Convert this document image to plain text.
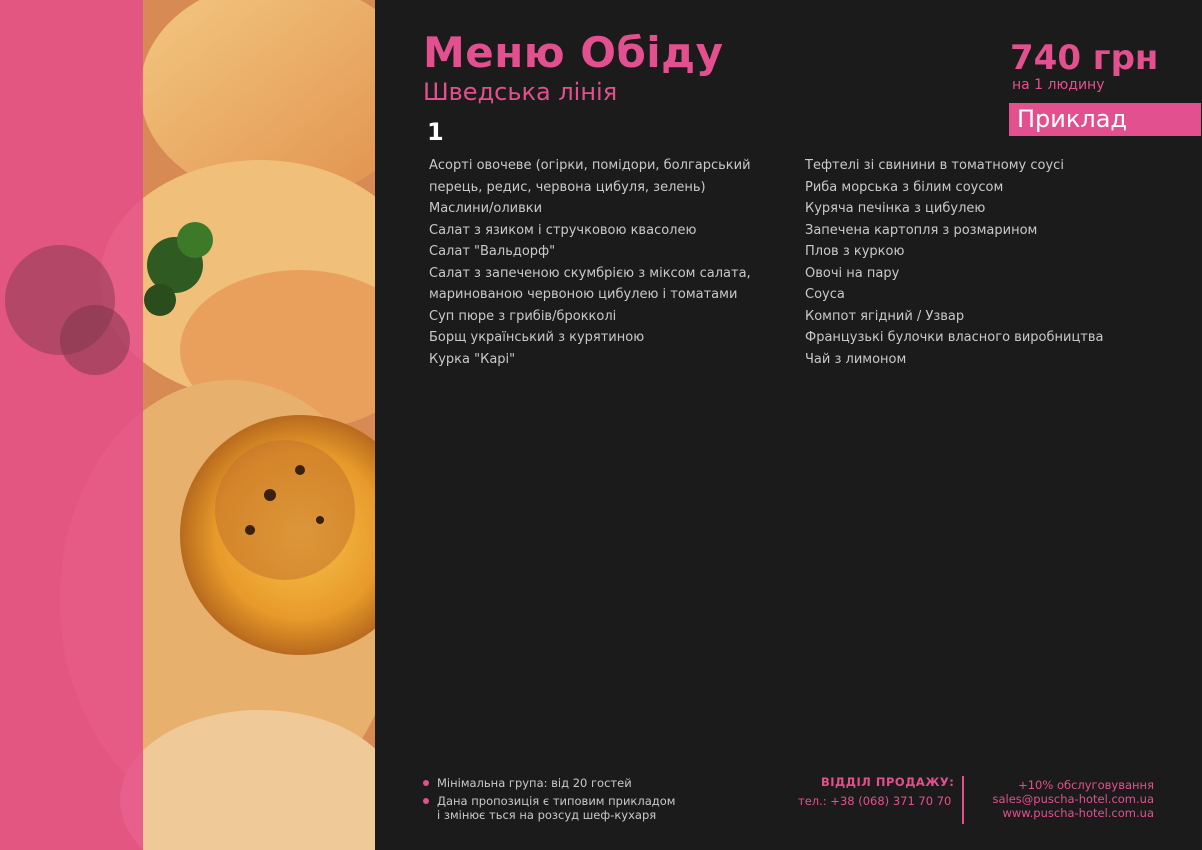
Меню Обіду
Шведська лінія
1
740 грн
на 1 людину
Приклад
Асорті овочеве (огірки, помідори, болгарський
перець, редис, червона цибуля, зелень)
Маслини/оливки
Салат з язиком і стручковою квасолею
Салат "Вальдорф"
Салат з запеченою скумбрією з міксом салата,
маринованою червоною цибулею і томатами
Суп пюре з грибів/брокколі
Борщ український з курятиною
Курка "Карі"
Тефтелі зі свинини в томатному соусі
Риба морська з білим соусом
Куряча печінка з цибулею
Запечена картопля з розмарином
Плов з куркою
Овочі на пару
Соуса
Компот ягідний / Узвар
Французькі булочки власного виробництва
Чай з лимоном
Мінімальна група: від 20 гостей
Дана пропозиція є типовим прикладом
і змінює ться на розсуд шеф-кухаря
ВІДДІЛ ПРОДАЖУ:
тел.: +38 (068) 371 70 70
+10% обслуговування
sales@puscha-hotel.com.ua
www.puscha-hotel.com.ua
